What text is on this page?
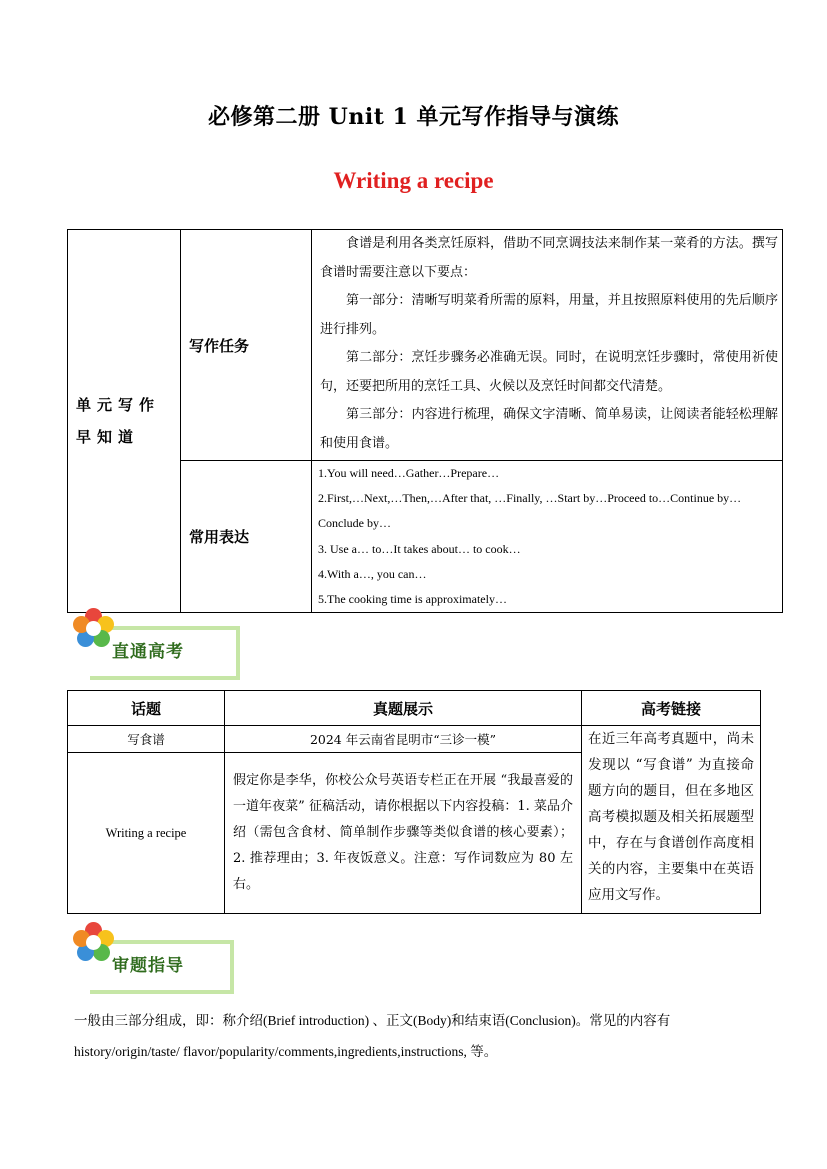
必修第二册 Unit 1 单元写作指导与演练
Writing a recipe
单元写作早知道	写作任务	食谱是利用各类烹饪原料，借助不同烹调技法来制作某一菜肴的方法。撰写食谱时需要注意以下要点：

第一部分：清晰写明菜肴所需的原料，用量，并且按照原料使用的先后顺序进行排列。

第二部分：烹饪步骤务必准确无误。同时，在说明烹饪步骤时，常使用祈使句，还要把所用的烹饪工具、火候以及烹饪时间都交代清楚。

第三部分：内容进行梳理，确保文字清晰、简单易读，让阅读者能轻松理解和使用食谱。

	常用表达	1.You will need…Gather…Prepare…
2.First,…Next,…Then,…After that, …Finally, …Start by…Proceed to…Continue by…Conclude by…
3. Use a… to…It takes about… to cook…
4.With a…, you can…
5.The cooking time is approximately…
直通高考
话题	真题展示	高考链接
写食谱	2024 年云南省昆明市“三诊一模”	在近三年高考真题中，尚未发现以 “写食谱” 为直接命题方向的题目，但在多地区高考模拟题及相关拓展题型中，存在与食谱创作高度相关的内容，主要集中在英语应用文写作。
Writing a recipe	假定你是李华，你校公众号英语专栏正在开展 “我最喜爱的一道年夜菜” 征稿活动，请你根据以下内容投稿：1. 菜品介绍（需包含食材、简单制作步骤等类似食谱的核心要素）；2. 推荐理由；3. 年夜饭意义。注意：写作词数应为 80 左右。	
审题指导
一般由三部分组成，即：称介绍(Brief introduction) 、正文(Body)和结束语(Conclusion)。常见的内容有history/origin/taste/ flavor/popularity/comments,ingredients,instructions, 等。
